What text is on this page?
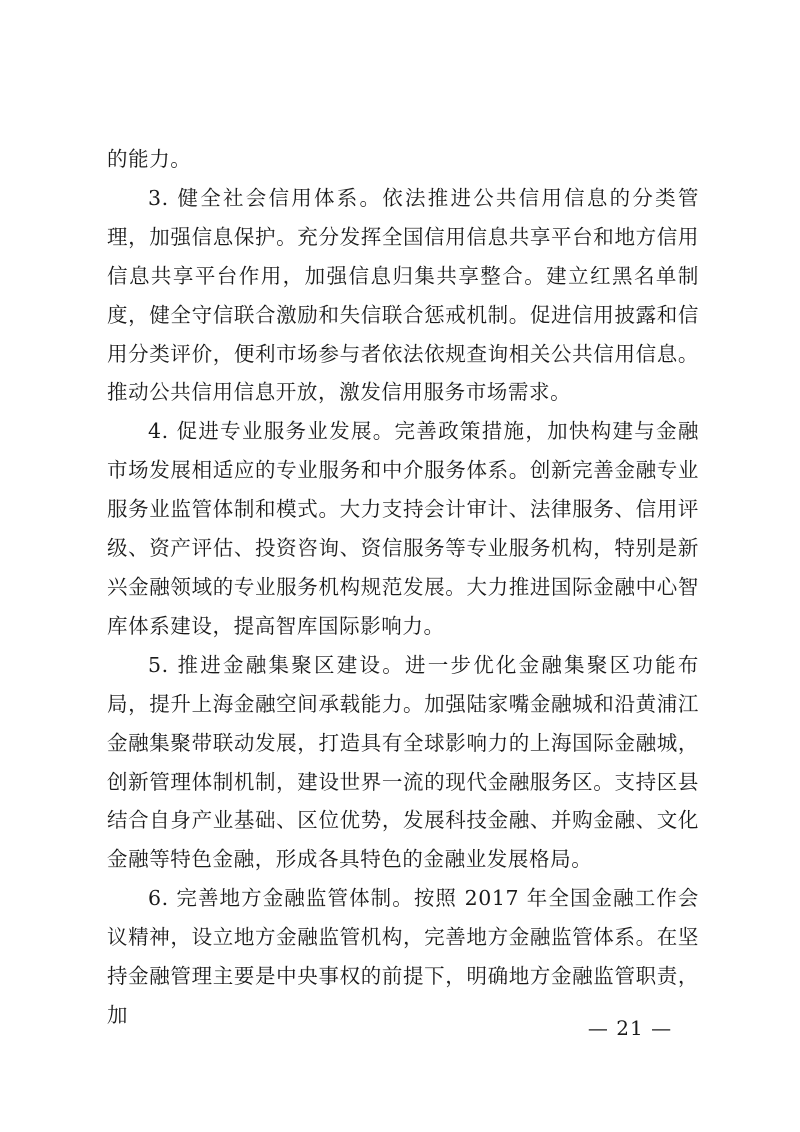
的能力。

3. 健全社会信用体系。依法推进公共信用信息的分类管理，加强信息保护。充分发挥全国信用信息共享平台和地方信用信息共享平台作用，加强信息归集共享整合。建立红黑名单制度，健全守信联合激励和失信联合惩戒机制。促进信用披露和信用分类评价，便利市场参与者依法依规查询相关公共信用信息。推动公共信用信息开放，激发信用服务市场需求。

4. 促进专业服务业发展。完善政策措施，加快构建与金融市场发展相适应的专业服务和中介服务体系。创新完善金融专业服务业监管体制和模式。大力支持会计审计、法律服务、信用评级、资产评估、投资咨询、资信服务等专业服务机构，特别是新兴金融领域的专业服务机构规范发展。大力推进国际金融中心智库体系建设，提高智库国际影响力。

5. 推进金融集聚区建设。进一步优化金融集聚区功能布局，提升上海金融空间承载能力。加强陆家嘴金融城和沿黄浦江金融集聚带联动发展，打造具有全球影响力的上海国际金融城，创新管理体制机制，建设世界一流的现代金融服务区。支持区县结合自身产业基础、区位优势，发展科技金融、并购金融、文化金融等特色金融，形成各具特色的金融业发展格局。

6. 完善地方金融监管体制。按照 2017 年全国金融工作会议精神，设立地方金融监管机构，完善地方金融监管体系。在坚持金融管理主要是中央事权的前提下，明确地方金融监管职责，加

— 21 —
